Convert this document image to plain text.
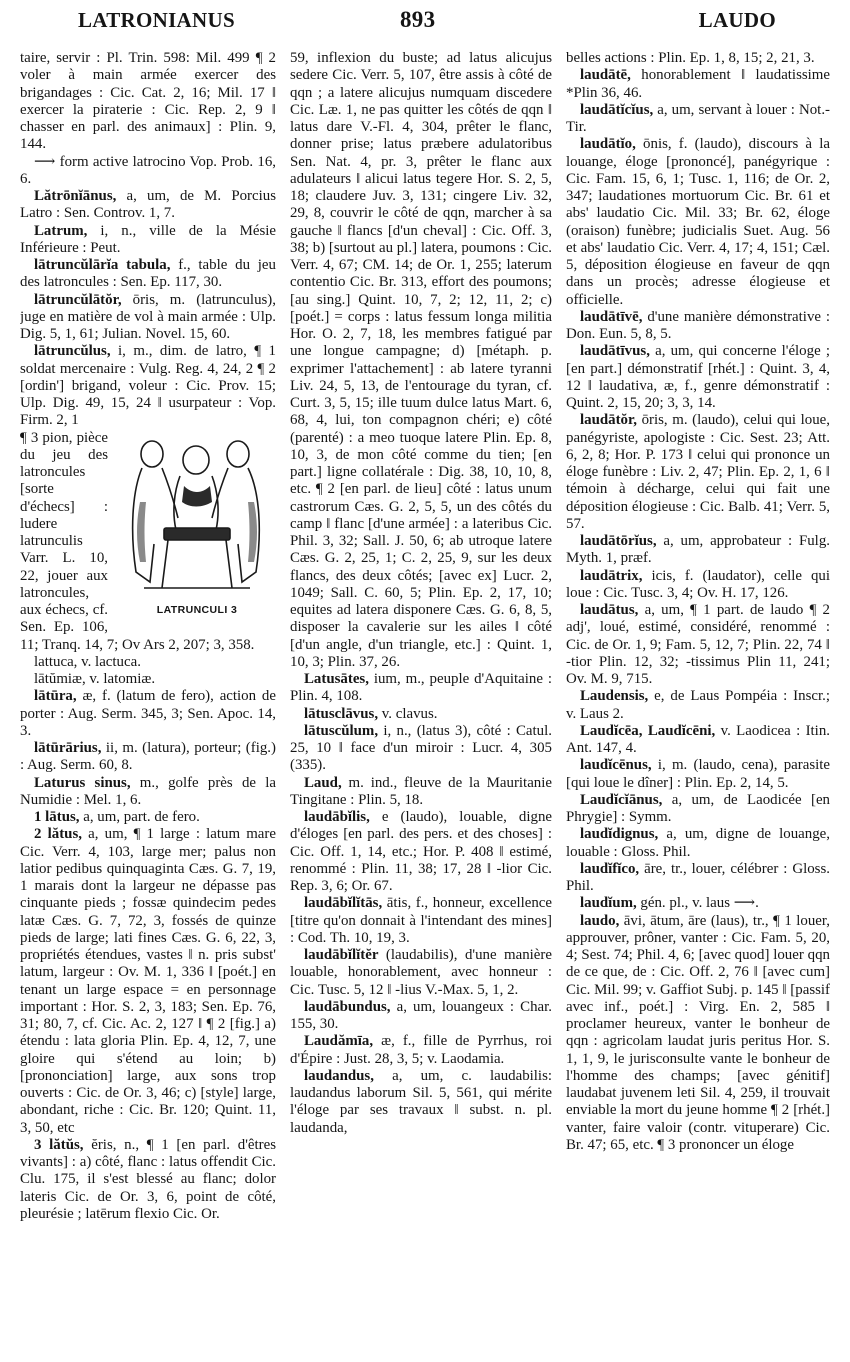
LATRONIANUS	893	LAUDO

taire, servir : Pl. Trin. 598: Mil. 499 ¶ 2 voler à main armée exercer des brigandages : Cic. Cat. 2, 16; Mil. 17 ‖ exercer la piraterie : Cic. Rep. 2, 9 ‖ chasser en parl. des animaux] : Plin. 9, 144.

⟶ form active latrocino Vop. Prob. 16, 6.

Lătrōnĭānus, a, um, de M. Porcius Latro : Sen. Controv. 1, 7.

Latrum, i, n., ville de la Mésie Inférieure : Peut.

lātruncŭlārĭa tabula, f., table du jeu des latroncules : Sen. Ep. 117, 30.

lātruncŭlātŏr, ōris, m. (latrunculus), juge en matière de vol à main armée : Ulp. Dig. 5, 1, 61; Julian. Novel. 15, 60.

lātruncŭlus, i, m., dim. de latro, ¶ 1 soldat mercenaire : Vulg. Reg. 4, 24, 2 ¶ 2 [ordin'] brigand, voleur : Cic. Prov. 15; Ulp. Dig. 49, 15, 24 ‖ usurpateur : Vop. Firm. 2, 1

LATRUNCULI 3
¶ 3 pion, pièce du jeu des latroncules [sorte d'échecs] : ludere latrunculis Varr. L. 10, 22, jouer aux latroncules, aux échecs, cf. Sen. Ep. 106, 11; Tranq. 14, 7; Ov Ars 2, 207; 3, 358.

lattuca, v. lactuca.

lātŭmiæ, v. latomiæ.

lātūra, æ, f. (latum de fero), action de porter : Aug. Serm. 345, 3; Sen. Apoc. 14, 3.

lātūrārius, ii, m. (latura), porteur; (fig.) : Aug. Serm. 60, 8.

Laturus sinus, m., golfe près de la Numidie : Mel. 1, 6.

1 lātus, a, um, part. de fero.

2 lătus, a, um, ¶ 1 large : latum mare Cic. Verr. 4, 103, large mer; palus non latior pedibus quinquaginta Cæs. G. 7, 19, 1 marais dont la largeur ne dépasse pas cinquante pieds ; fossæ quindecim pedes latæ Cæs. G. 7, 72, 3, fossés de quinze pieds de large; lati fines Cæs. G. 6, 22, 3, propriétés étendues, vastes ‖ n. pris subst' latum, largeur : Ov. M. 1, 336 ‖ [poét.] en tenant un large espace = en personnage important : Hor. S. 2, 3, 183; Sen. Ep. 76, 31; 80, 7, cf. Cic. Ac. 2, 127 ‖ ¶ 2 [fig.] a) étendu : lata gloria Plin. Ep. 4, 12, 7, une gloire qui s'étend au loin; b) [prononciation] large, aux sons trop ouverts : Cic. de Or. 3, 46; c) [style] large, abondant, riche : Cic. Br. 120; Quint. 11, 3, 50, etc

3 lătŭs, ĕris, n., ¶ 1 [en parl. d'êtres vivants] : a) côté, flanc : latus offendit Cic. Clu. 175, il s'est blessé au flanc; dolor lateris Cic. de Or. 3, 6, point de côté, pleurésie ; latērum flexio Cic. Or.

59, inflexion du buste; ad latus alicujus sedere Cic. Verr. 5, 107, être assis à côté de qqn ; a latere alicujus numquam discedere Cic. Læ. 1, ne pas quitter les côtés de qqn ‖ latus dare V.-Fl. 4, 304, prêter le flanc, donner prise; latus præbere adulatoribus Sen. Nat. 4, pr. 3, prêter le flanc aux adulateurs ‖ alicui latus tegere Hor. S. 2, 5, 18; claudere Juv. 3, 131; cingere Liv. 32, 29, 8, couvrir le côté de qqn, marcher à sa gauche ‖ flancs [d'un cheval] : Cic. Off. 3, 38; b) [surtout au pl.] latera, poumons : Cic. Verr. 4, 67; CM. 14; de Or. 1, 255; laterum contentio Cic. Br. 313, effort des poumons; [au sing.] Quint. 10, 7, 2; 12, 11, 2; c) [poét.] = corps : latus fessum longa militia Hor. O. 2, 7, 18, les membres fatigué par une longue campagne; d) [métaph. p. exprimer l'attachement] : ab latere tyranni Liv. 24, 5, 13, de l'entourage du tyran, cf. Curt. 3, 5, 15; ille tuum dulce latus Mart. 6, 68, 4, lui, ton compagnon chéri; e) côté (parenté) : a meo tuoque latere Plin. Ep. 8, 10, 3, de mon côté comme du tien; [en part.] ligne collatérale : Dig. 38, 10, 10, 8, etc. ¶ 2 [en parl. de lieu] côté : latus unum castrorum Cæs. G. 2, 5, 5, un des côtés du camp ‖ flanc [d'une armée] : a lateribus Cic. Phil. 3, 32; Sall. J. 50, 6; ab utroque latere Cæs. G. 2, 25, 1; C. 2, 25, 9, sur les deux flancs, des deux côtés; [avec ex] Lucr. 2, 1049; Sall. C. 60, 5; Plin. Ep. 2, 17, 10; equites ad latera disponere Cæs. G. 6, 8, 5, disposer la cavalerie sur les ailes ‖ côté [d'un angle, d'un triangle, etc.] : Quint. 1, 10, 3; Plin. 37, 26.

Latusātes, ium, m., peuple d'Aquitaine : Plin. 4, 108.

lātusclāvus, v. clavus.

lātuscŭlum, i, n., (latus 3), côté : Catul. 25, 10 ‖ face d'un miroir : Lucr. 4, 305 (335).

Laud, m. ind., fleuve de la Mauritanie Tingitane : Plin. 5, 18.

laudābĭlis, e (laudo), louable, digne d'éloges [en parl. des pers. et des choses] : Cic. Off. 1, 14, etc.; Hor. P. 408 ‖ estimé, renommé : Plin. 11, 38; 17, 28 ‖ -lior Cic. Rep. 3, 6; Or. 67.

laudābĭlĭtās, ātis, f., honneur, excellence [titre qu'on donnait à l'intendant des mines] : Cod. Th. 10, 19, 3.

laudābĭlĭtĕr (laudabilis), d'une manière louable, honorablement, avec honneur : Cic. Tusc. 5, 12 ‖ -lius V.-Max. 5, 1, 2.

laudābundus, a, um, louangeux : Char. 155, 30.

Laudămīa, æ, f., fille de Pyrrhus, roi d'Épire : Just. 28, 3, 5; v. Laodamia.

laudandus, a, um, c. laudabilis: laudandus laborum Sil. 5, 561, qui mérite l'éloge par ses travaux ‖ subst. n. pl. laudanda,

belles actions : Plin. Ep. 1, 8, 15; 2, 21, 3.

laudātē, honorablement ‖ laudatissime *Plin 36, 46.

laudātĭcĭus, a, um, servant à louer : Not.-Tir.

laudātĭo, ōnis, f. (laudo), discours à la louange, éloge [prononcé], panégyrique : Cic. Fam. 15, 6, 1; Tusc. 1, 116; de Or. 2, 347; laudationes mortuorum Cic. Br. 61 et abs' laudatio Cic. Mil. 33; Br. 62, éloge (oraison) funèbre; judicialis Suet. Aug. 56 et abs' laudatio Cic. Verr. 4, 17; 4, 151; Cæl. 5, déposition élogieuse en faveur de qqn dans un procès; adresse élogieuse et officielle.

laudātīvē, d'une manière démonstrative : Don. Eun. 5, 8, 5.

laudātīvus, a, um, qui concerne l'éloge ; [en part.] démonstratif [rhét.] : Quint. 3, 4, 12 ‖ laudativa, æ, f., genre démonstratif : Quint. 2, 15, 20; 3, 3, 14.

laudātŏr, ōris, m. (laudo), celui qui loue, panégyriste, apologiste : Cic. Sest. 23; Att. 6, 2, 8; Hor. P. 173 ‖ celui qui prononce un éloge funèbre : Liv. 2, 47; Plin. Ep. 2, 1, 6 ‖ témoin à décharge, celui qui fait une déposition élogieuse : Cic. Balb. 41; Verr. 5, 57.

laudātōrĭus, a, um, approbateur : Fulg. Myth. 1, præf.

laudātrix, icis, f. (laudator), celle qui loue : Cic. Tusc. 3, 4; Ov. H. 17, 126.

laudātus, a, um, ¶ 1 part. de laudo ¶ 2 adj', loué, estimé, considéré, renommé : Cic. de Or. 1, 9; Fam. 5, 12, 7; Plin. 22, 74 ‖ -tior Plin. 12, 32; -tissimus Plin 11, 241; Ov. M. 9, 715.

Laudensis, e, de Laus Pompéia : Inscr.; v. Laus 2.

Laudĭcēa, Laudĭcēni, v. Laodicea : Itin. Ant. 147, 4.

laudĭcēnus, i, m. (laudo, cena), parasite [qui loue le dîner] : Plin. Ep. 2, 14, 5.

Laudĭcĭānus, a, um, de Laodicée [en Phrygie] : Symm.

laudĭdignus, a, um, digne de louange, louable : Gloss. Phil.

laudĭfĭco, āre, tr., louer, célébrer : Gloss. Phil.

laudĭum, gén. pl., v. laus ⟶.

laudo, āvi, ātum, āre (laus), tr., ¶ 1 louer, approuver, prôner, vanter : Cic. Fam. 5, 20, 4; Sest. 74; Phil. 4, 6; [avec quod] louer qqn de ce que, de : Cic. Off. 2, 76 ‖ [avec cum] Cic. Mil. 99; v. Gaffiot Subj. p. 145 ‖ [passif avec inf., poét.] : Virg. En. 2, 585 ‖ proclamer heureux, vanter le bonheur de qqn : agricolam laudat juris peritus Hor. S. 1, 1, 9, le jurisconsulte vante le bonheur de l'homme des champs; [avec génitif] laudabat juvenem leti Sil. 4, 259, il trouvait enviable la mort du jeune homme ¶ 2 [rhét.] vanter, faire valoir (contr. vituperare) Cic. Br. 47; 65, etc. ¶ 3 prononcer un éloge
